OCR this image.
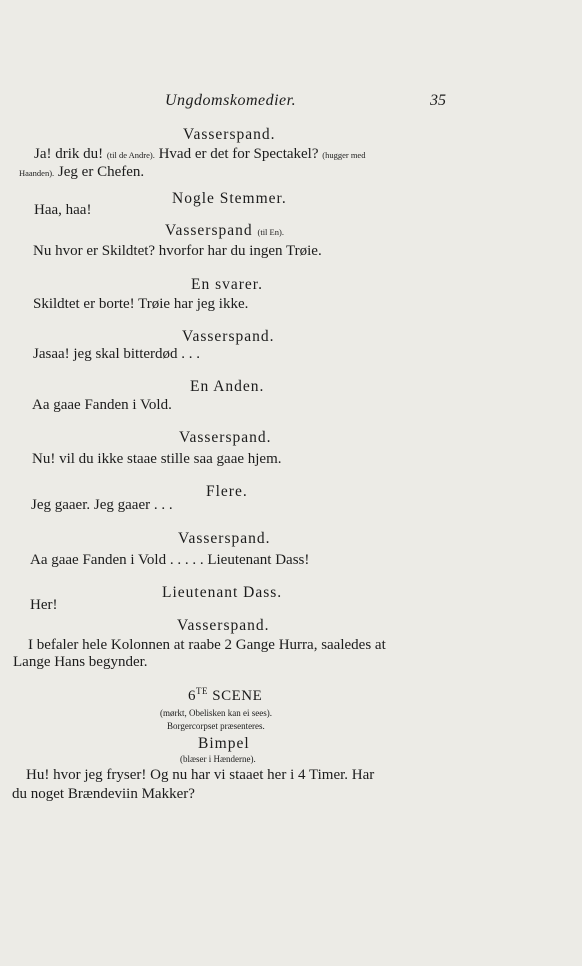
Ungdomskomedier.	35
Vasserspand.
Ja! drik du! (til de Andre). Hvad er det for Spectakel? (hugger med
Haanden). Jeg er Chefen.
Nogle Stemmer.
Haa, haa!
Vasserspand (til En).
Nu hvor er Skildtet? hvorfor har du ingen Trøie.
En svarer.
Skildtet er borte! Trøie har jeg ikke.
Vasserspand.
Jasaa! jeg skal bitterdød . . .
En Anden.
Aa gaae Fanden i Vold.
Vasserspand.
Nu! vil du ikke staae stille saa gaae hjem.
Flere.
Jeg gaaer. Jeg gaaer . . .
Vasserspand.
Aa gaae Fanden i Vold . . . . . Lieutenant Dass!
Lieutenant Dass.
Her!
Vasserspand.
I befaler hele Kolonnen at raabe 2 Gange Hurra, saaledes at
Lange Hans begynder.
$6^{TE}$ SCENE
(mørkt, Obelisken kan ei sees).
Borgercorpset præsenteres.
Bimpel
(blæser i Hænderne).
Hu! hvor jeg fryser! Og nu har vi staaet her i 4 Timer. Har
du noget Brændeviin Makker?
